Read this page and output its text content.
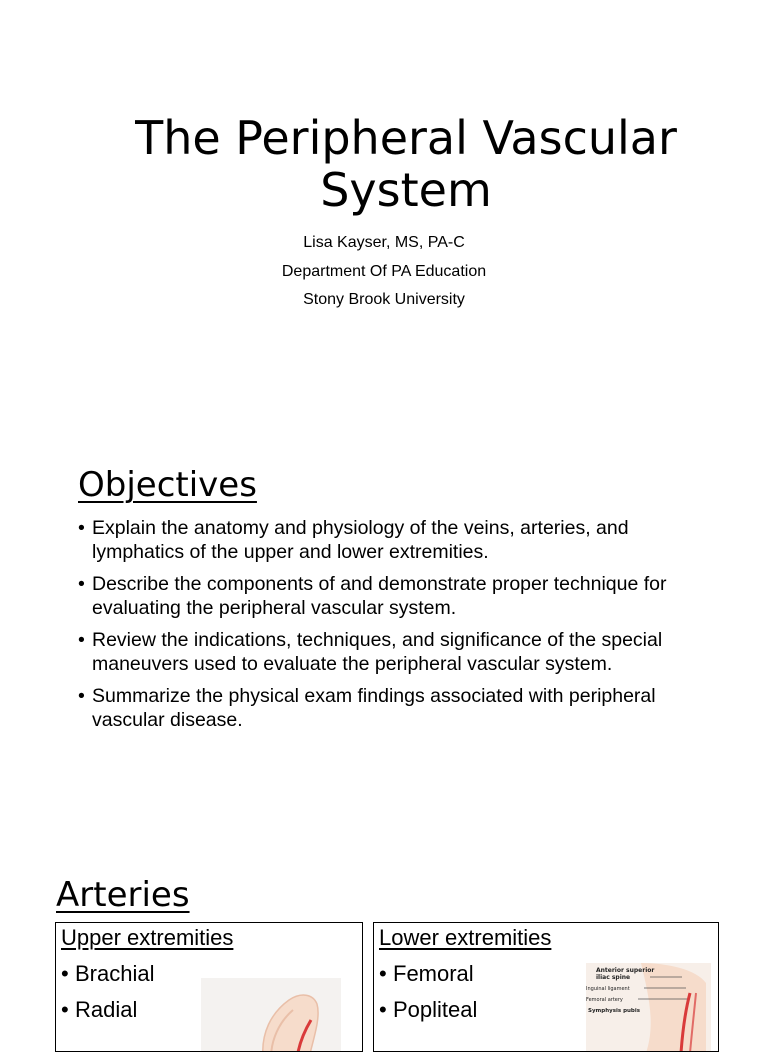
The Peripheral Vascular System
Lisa Kayser, MS, PA-C
Department Of PA Education
Stony Brook University
Objectives
• Explain the anatomy and physiology of the veins, arteries, and lymphatics of the upper and lower extremities.
• Describe the components of and demonstrate proper technique for evaluating the peripheral vascular system.
• Review the indications, techniques, and significance of the special maneuvers used to evaluate the peripheral vascular system.
• Summarize the physical exam findings associated with peripheral vascular disease.
Arteries
Upper extremities
• Brachial
• Radial
Lower extremities
• Femoral
• Popliteal
Anterior superior
iliac spine
Inguinal ligament
Femoral artery
Symphysis pubis
